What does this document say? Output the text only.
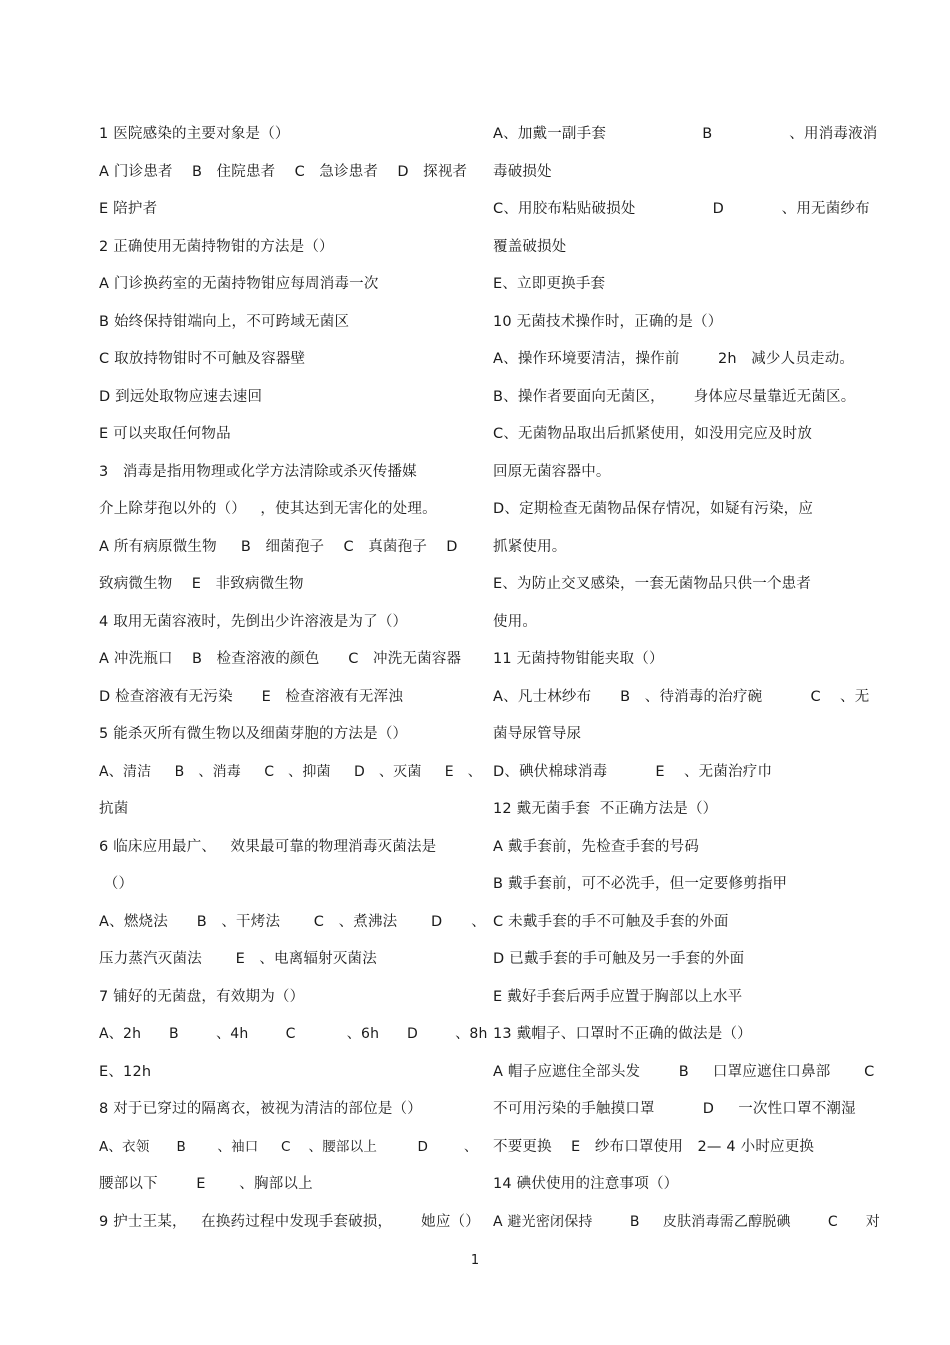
1 医院感染的主要对象是（）
A 门诊患者    B   住院患者    C   急诊患者    D   探视者
E 陪护者
2 正确使用无菌持物钳的方法是（）
A 门诊换药室的无菌持物钳应每周消毒一次
B 始终保持钳端向上，不可跨域无菌区
C 取放持物钳时不可触及容器壁
D 到远处取物应速去速回
E 可以夹取任何物品
3   消毒是指用物理或化学方法清除或杀灭传播媒
介上除芽孢以外的（）   ，使其达到无害化的处理。
A 所有病原微生物     B   细菌孢子    C   真菌孢子    D
致病微生物    E   非致病微生物
4 取用无菌容液时，先倒出少许溶液是为了（）
A 冲洗瓶口    B   检查溶液的颜色      C   冲洗无菌容器
D 检查溶液有无污染      E   检查溶液有无浑浊
5 能杀灭所有微生物以及细菌芽胞的方法是（）
A、清洁     B   、消毒     C   、抑菌     D   、灭菌     E   、
抗菌
6 临床应用最广、   效果最可靠的物理消毒灭菌法是
（）
A、燃烧法      B   、干烤法       C   、煮沸法       D      、
压力蒸汽灭菌法       E   、电离辐射灭菌法
7 铺好的无菌盘，有效期为（）
A、2h      B        、4h        C           、6h      D        、8h
E、12h
8 对于已穿过的隔离衣，被视为清洁的部位是（）
A、衣领      B       、袖口     C    、腰部以上         D        、
腰部以下        E       、胸部以上
9 护士王某，   在换药过程中发现手套破损，      她应（）
A、加戴一副手套                    B                、用消毒液消
毒破损处
C、用胶布粘贴破损处                D            、用无菌纱布
覆盖破损处
E、立即更换手套
10 无菌技术操作时，正确的是（）
A、操作环境要清洁，操作前        2h   减少人员走动。
B、操作者要面向无菌区，      身体应尽量靠近无菌区。
C、无菌物品取出后抓紧使用，如没用完应及时放
回原无菌容器中。
D、定期检查无菌物品保存情况，如疑有污染，应
抓紧使用。
E、为防止交叉感染，一套无菌物品只供一个患者
使用。
11 无菌持物钳能夹取（）
A、凡士林纱布      B   、待消毒的治疗碗          C    、无
菌导尿管导尿
D、碘伏棉球消毒          E    、无菌治疗巾
12 戴无菌手套  不正确方法是（）
A 戴手套前，先检查手套的号码
B 戴手套前，可不必洗手，但一定要修剪指甲
C 未戴手套的手不可触及手套的外面
D 已戴手套的手可触及另一手套的外面
E 戴好手套后两手应置于胸部以上水平
13 戴帽子、口罩时不正确的做法是（）
A 帽子应遮住全部头发        B     口罩应遮住口鼻部       C
不可用污染的手触摸口罩          D     一次性口罩不潮湿
不要更换    E   纱布口罩使用   2— 4 小时应更换
14 碘伏使用的注意事项（）
A 避光密闭保持        B     皮肤消毒需乙醇脱碘        C      对
1
